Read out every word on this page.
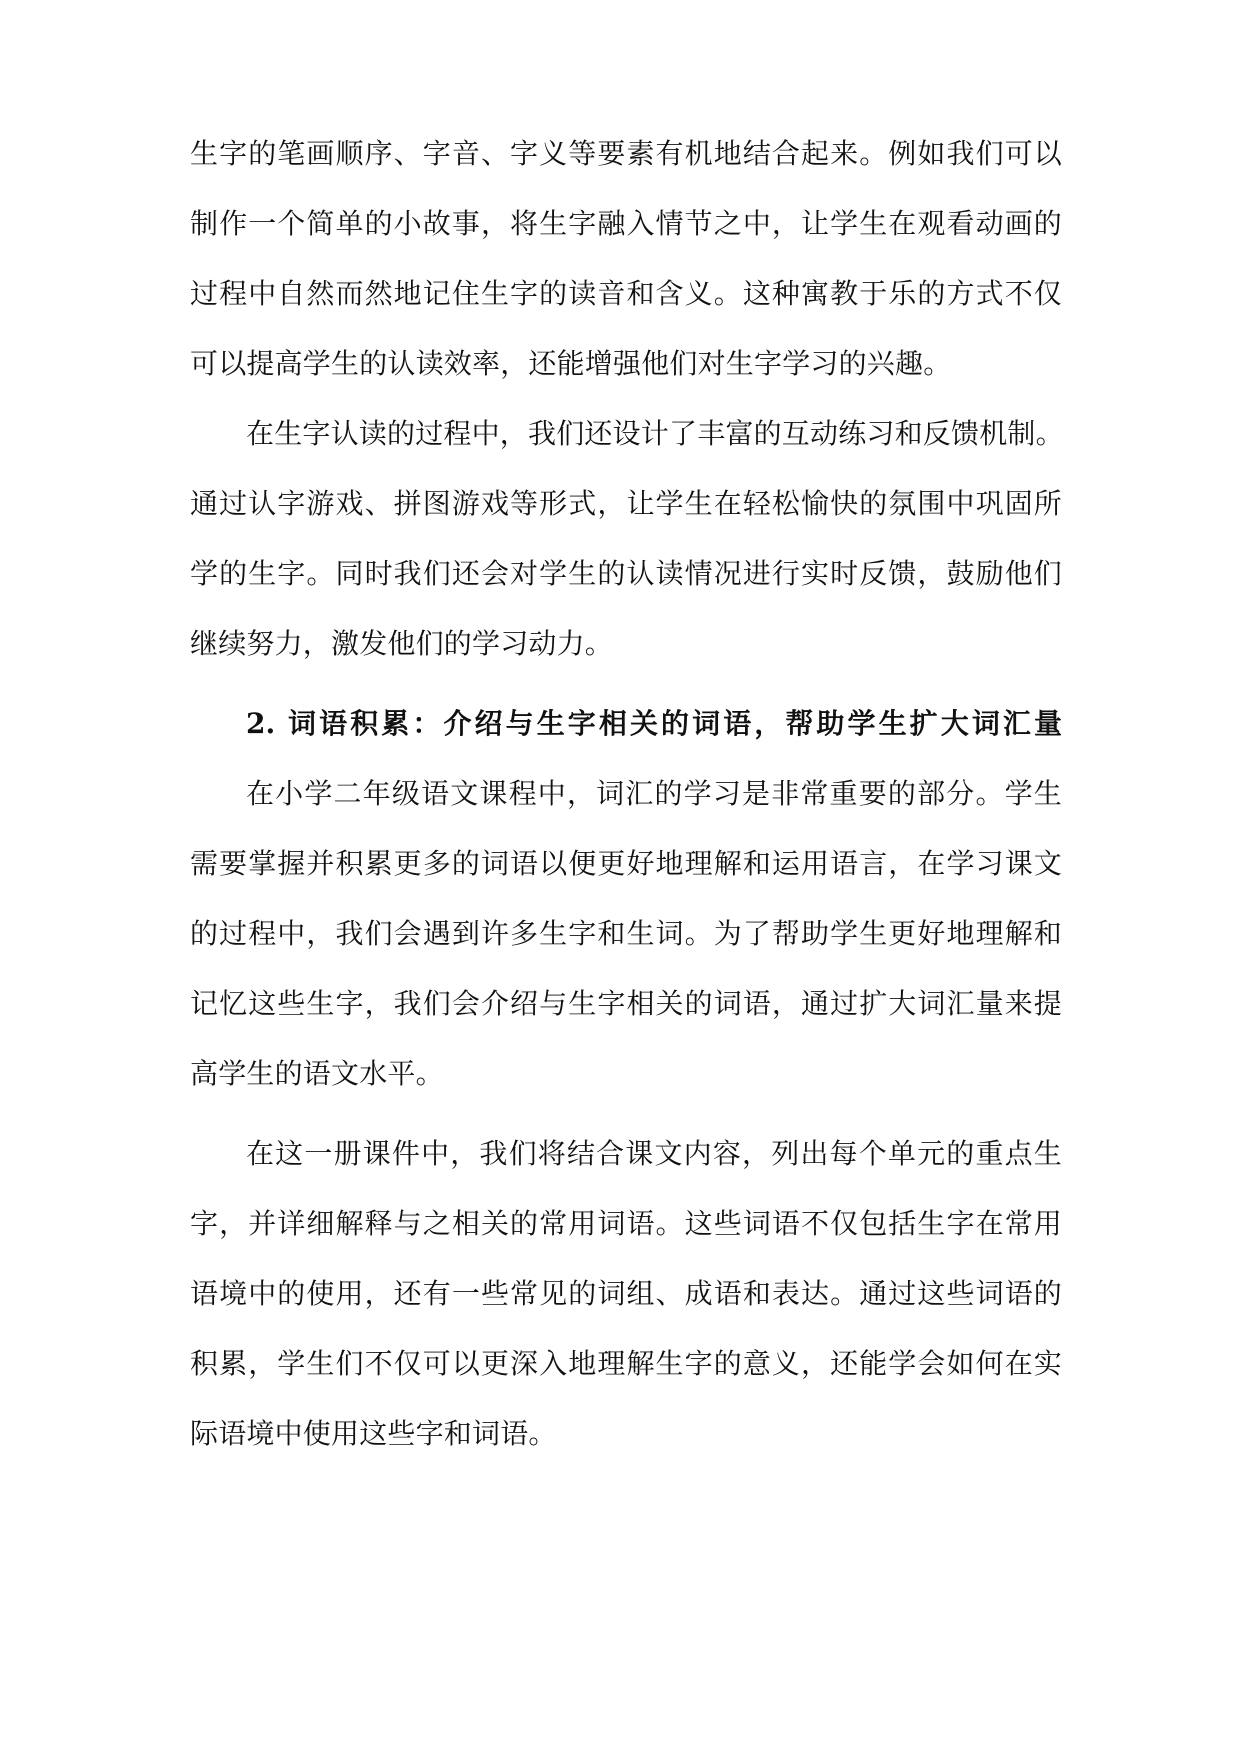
生字的笔画顺序、字音、字义等要素有机地结合起来。例如我们可以
制作一个简单的小故事，将生字融入情节之中，让学生在观看动画的
过程中自然而然地记住生字的读音和含义。这种寓教于乐的方式不仅
可以提高学生的认读效率，还能增强他们对生字学习的兴趣。
在生字认读的过程中，我们还设计了丰富的互动练习和反馈机制。
通过认字游戏、拼图游戏等形式，让学生在轻松愉快的氛围中巩固所
学的生字。同时我们还会对学生的认读情况进行实时反馈，鼓励他们
继续努力，激发他们的学习动力。
2. 词语积累：介绍与生字相关的词语，帮助学生扩大词汇量
在小学二年级语文课程中，词汇的学习是非常重要的部分。学生
需要掌握并积累更多的词语以便更好地理解和运用语言，在学习课文
的过程中，我们会遇到许多生字和生词。为了帮助学生更好地理解和
记忆这些生字，我们会介绍与生字相关的词语，通过扩大词汇量来提
高学生的语文水平。
在这一册课件中，我们将结合课文内容，列出每个单元的重点生
字，并详细解释与之相关的常用词语。这些词语不仅包括生字在常用
语境中的使用，还有一些常见的词组、成语和表达。通过这些词语的
积累，学生们不仅可以更深入地理解生字的意义，还能学会如何在实
际语境中使用这些字和词语。
